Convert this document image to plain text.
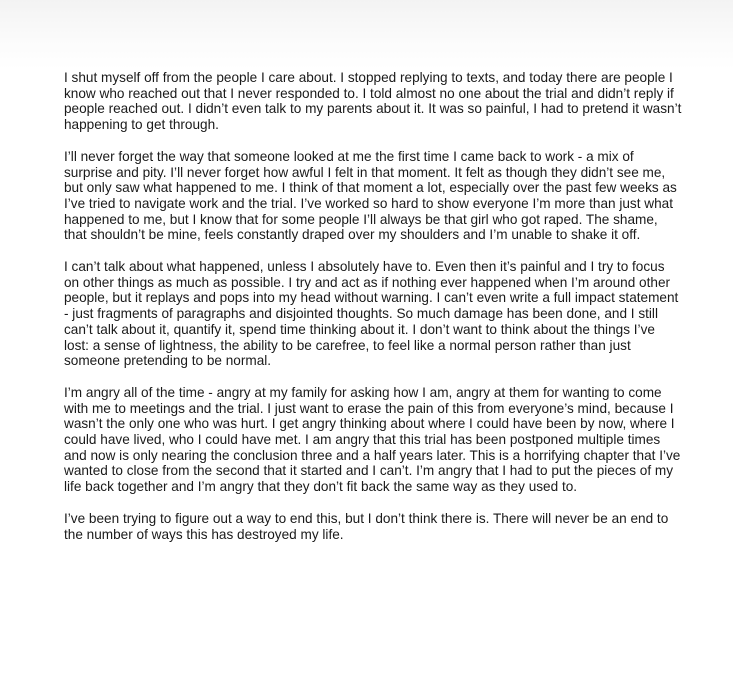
I shut myself off from the people I care about. I stopped replying to texts, and today there are people I know who reached out that I never responded to. I told almost no one about the trial and didn’t reply if people reached out. I didn’t even talk to my parents about it. It was so painful, I had to pretend it wasn’t happening to get through.

I’ll never forget the way that someone looked at me the first time I came back to work - a mix of surprise and pity. I’ll never forget how awful I felt in that moment. It felt as though they didn’t see me, but only saw what happened to me. I think of that moment a lot, especially over the past few weeks as I’ve tried to navigate work and the trial. I’ve worked so hard to show everyone I’m more than just what happened to me, but I know that for some people I’ll always be that girl who got raped. The shame, that shouldn’t be mine, feels constantly draped over my shoulders and I’m unable to shake it off.

I can’t talk about what happened, unless I absolutely have to. Even then it’s painful and I try to focus on other things as much as possible. I try and act as if nothing ever happened when I’m around other people, but it replays and pops into my head without warning. I can’t even write a full impact statement - just fragments of paragraphs and disjointed thoughts. So much damage has been done, and I still can’t talk about it, quantify it, spend time thinking about it. I don’t want to think about the things I’ve lost: a sense of lightness, the ability to be carefree, to feel like a normal person rather than just someone pretending to be normal.

I’m angry all of the time - angry at my family for asking how I am, angry at them for wanting to come with me to meetings and the trial. I just want to erase the pain of this from everyone’s mind, because I wasn’t the only one who was hurt. I get angry thinking about where I could have been by now, where I could have lived, who I could have met. I am angry that this trial has been postponed multiple times and now is only nearing the conclusion three and a half years later. This is a horrifying chapter that I’ve wanted to close from the second that it started and I can’t. I’m angry that I had to put the pieces of my life back together and I’m angry that they don’t fit back the same way as they used to.

I’ve been trying to figure out a way to end this, but I don’t think there is. There will never be an end to the number of ways this has destroyed my life.
